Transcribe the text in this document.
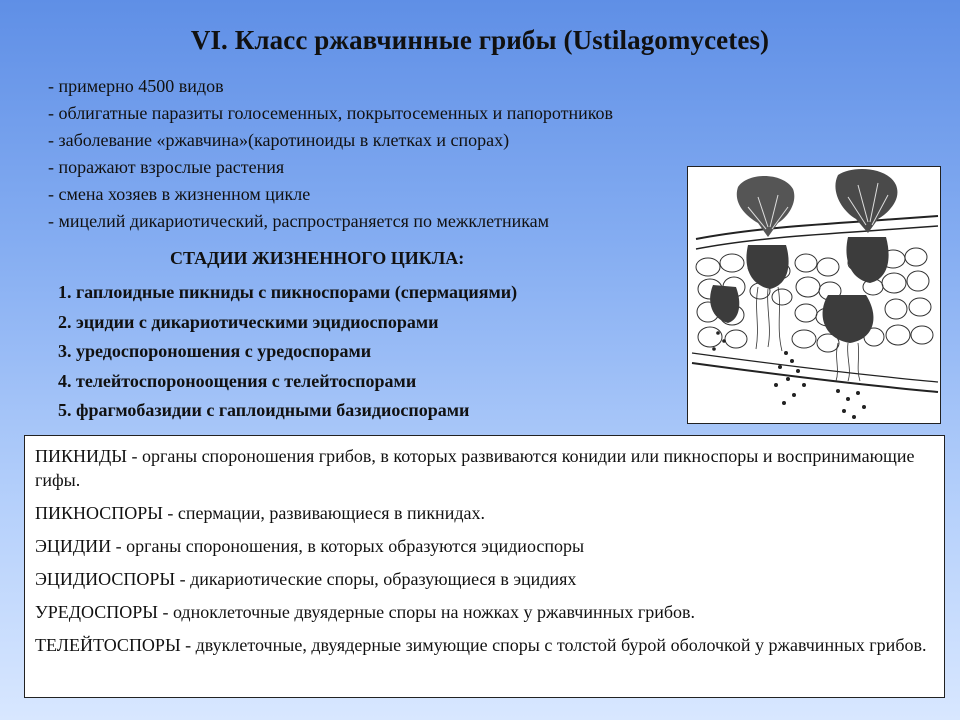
VI. Класс ржавчинные грибы (Ustilagomycetes)
- примерно 4500 видов
- облигатные паразиты голосеменных, покрытосеменных и папоротников
- заболевание «ржавчина»(каротиноиды в клетках и спорах)
- поражают взрослые растения
- смена хозяев в жизненном цикле
- мицелий дикариотический, распространяется по межклетникам
СТАДИИ ЖИЗНЕННОГО ЦИКЛА:
1. гаплоидные пикниды с пикноспорами (спермациями)
2. эцидии с дикариотическими эцидиоспорами
3. уредоспороношения с уредоспорами
4. телейтоспороноощения с телейтоспорами
5. фрагмобазидии с гаплоидными базидиоспорами
ПИКНИДЫ - органы спороношения грибов, в которых развиваются конидии или пикноспоры и воспринимающие гифы.
ПИКНОСПОРЫ - спермации, развивающиеся в пикнидах.
ЭЦИДИИ - органы спороношения, в которых образуются эцидиоспоры
ЭЦИДИОСПОРЫ - дикариотические споры, образующиеся в эцидиях
УРЕДОСПОРЫ - одноклеточные двуядерные споры на ножках у ржавчинных грибов.
ТЕЛЕЙТОСПОРЫ - двуклеточные, двуядерные зимующие споры с толстой бурой оболочкой у ржавчинных грибов.
